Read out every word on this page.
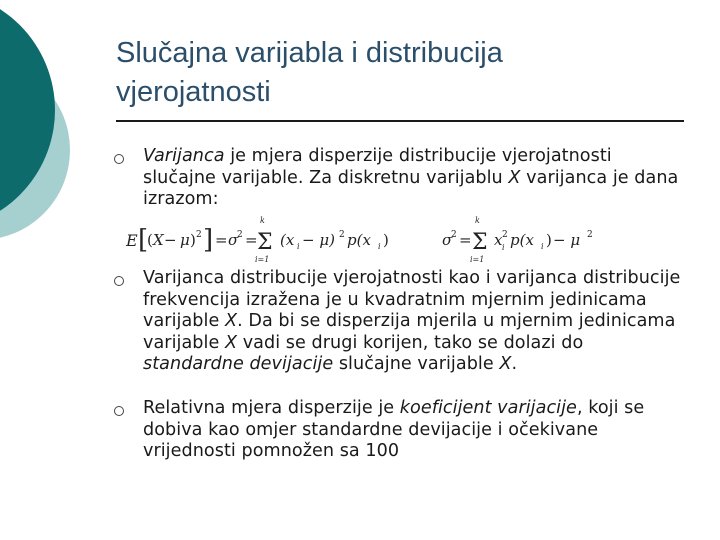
Slučajna varijabla i distribucija
vjerojatnosti
Varijanca je mjera disperzije distribucije vjerojatnosti slučajne varijable. Za diskretnu varijablu X varijanca je dana izrazom:
E [
( X − μ ) 2 ] = σ
2 =
k
Σ
i=1
(x i − μ) 2 p(x i )	σ
2 =
k
Σ
i=1
x 2
i p(x i ) − μ 2
Varijanca distribucije vjerojatnosti kao i varijanca distribucije frekvencija izražena je u kvadratnim mjernim jedinicama varijable X. Da bi se disperzija mjerila u mjernim jedinicama varijable X vadi se drugi korijen, tako se dolazi do standardne devijacije slučajne varijable X.
Relativna mjera disperzije je koeficijent varijacije, koji se dobiva kao omjer standardne devijacije i očekivane vrijednosti pomnožen sa 100
